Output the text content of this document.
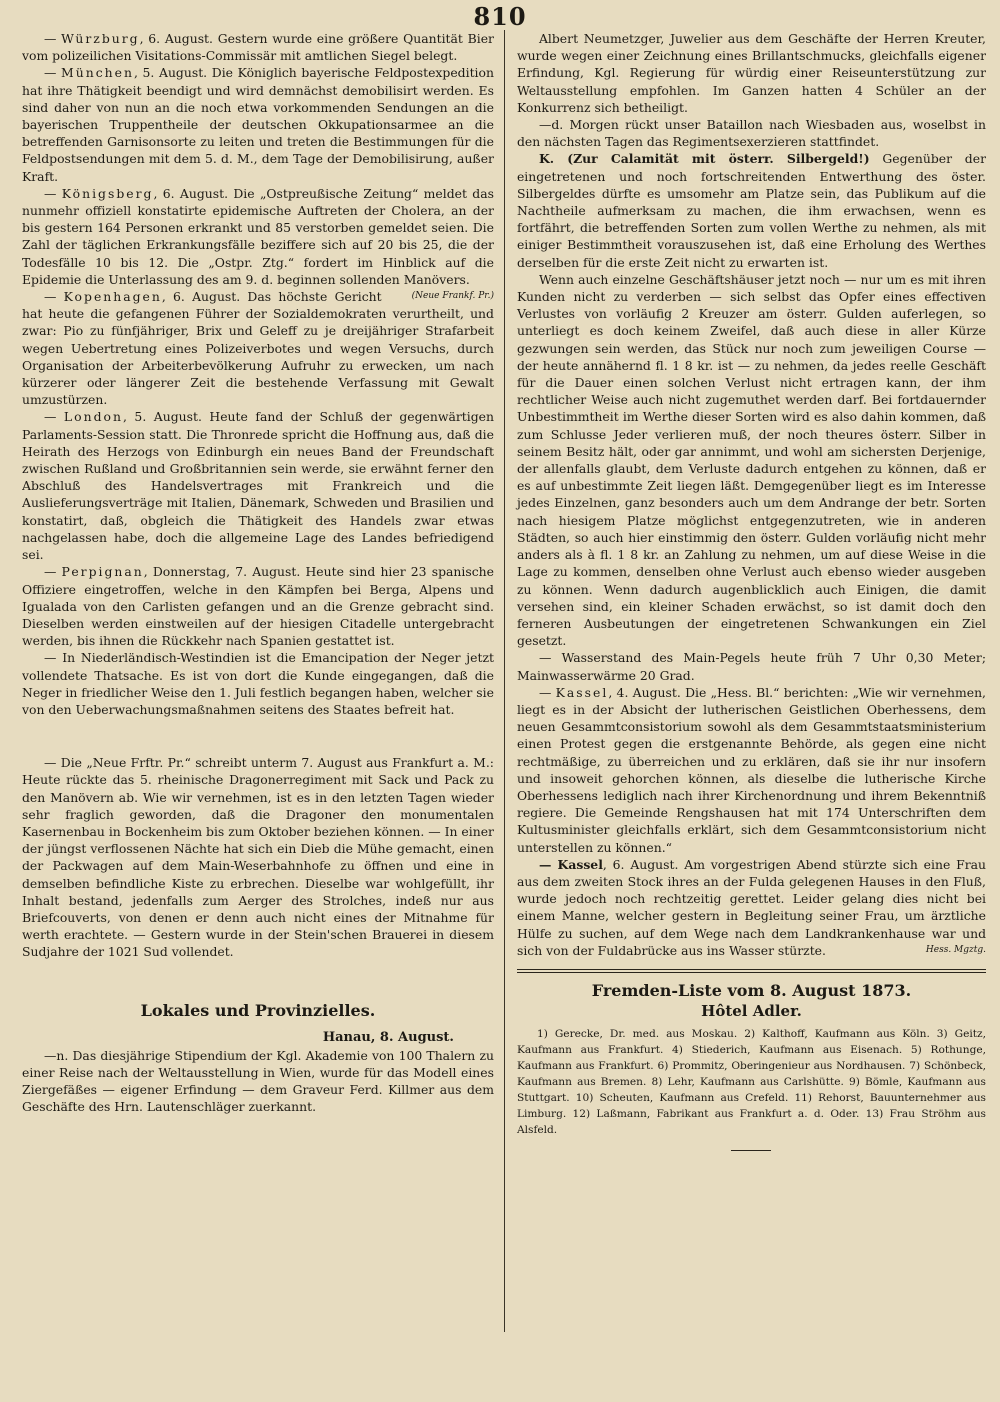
810

— Würzburg, 6. August. Gestern wurde eine größere Quantität Bier vom polizeilichen Visitations-Commissär mit amtlichen Siegel belegt.

— München, 5. August. Die Königlich bayerische Feldpostexpedition hat ihre Thätigkeit beendigt und wird demnächst demobilisirt werden. Es sind daher von nun an die noch etwa vorkommenden Sendungen an die bayerischen Truppentheile der deutschen Okkupationsarmee an die betreffenden Garnisonsorte zu leiten und treten die Bestimmungen für die Feldpostsendungen mit dem 5. d. M., dem Tage der Demobilisirung, außer Kraft.

— Königsberg, 6. August. Die „Ostpreußische Zeitung“ meldet das nunmehr offiziell konstatirte epidemische Auftreten der Cholera, an der bis gestern 164 Personen erkrankt und 85 verstorben gemeldet seien. Die Zahl der täglichen Erkrankungsfälle beziffere sich auf 20 bis 25, die der Todesfälle 10 bis 12. Die „Ostpr. Ztg.“ fordert im Hinblick auf die Epidemie die Unterlassung des am 9. d. beginnen sollenden Manövers.
(Neue Frankf. Pr.)

— Kopenhagen, 6. August. Das höchste Gericht hat heute die gefangenen Führer der Sozialdemokraten verurtheilt, und zwar: Pio zu fünfjähriger, Brix und Geleff zu je dreijähriger Strafarbeit wegen Uebertretung eines Polizeiverbotes und wegen Versuchs, durch Organisation der Arbeiterbevölkerung Aufruhr zu erwecken, um nach kürzerer oder längerer Zeit die bestehende Verfassung mit Gewalt umzustürzen.

— London, 5. August. Heute fand der Schluß der gegenwärtigen Parlaments-Session statt. Die Thronrede spricht die Hoffnung aus, daß die Heirath des Herzogs von Edinburgh ein neues Band der Freundschaft zwischen Rußland und Großbritannien sein werde, sie erwähnt ferner den Abschluß des Handelsvertrages mit Frankreich und die Auslieferungsverträge mit Italien, Dänemark, Schweden und Brasilien und konstatirt, daß, obgleich die Thätigkeit des Handels zwar etwas nachgelassen habe, doch die allgemeine Lage des Landes befriedigend sei.

— Perpignan, Donnerstag, 7. August. Heute sind hier 23 spanische Offiziere eingetroffen, welche in den Kämpfen bei Berga, Alpens und Igualada von den Carlisten gefangen und an die Grenze gebracht sind. Dieselben werden einstweilen auf der hiesigen Citadelle untergebracht werden, bis ihnen die Rückkehr nach Spanien gestattet ist.

— In Niederländisch-Westindien ist die Emancipation der Neger jetzt vollendete Thatsache. Es ist von dort die Kunde eingegangen, daß die Neger in friedlicher Weise den 1. Juli festlich begangen haben, welcher sie von den Ueberwachungsmaßnahmen seitens des Staates befreit hat.

— Die „Neue Frftr. Pr.“ schreibt unterm 7. August aus Frankfurt a. M.: Heute rückte das 5. rheinische Dragonerregiment mit Sack und Pack zu den Manövern ab. Wie wir vernehmen, ist es in den letzten Tagen wieder sehr fraglich geworden, daß die Dragoner den monumentalen Kasernenbau in Bockenheim bis zum Oktober beziehen können. — In einer der jüngst verflossenen Nächte hat sich ein Dieb die Mühe gemacht, einen der Packwagen auf dem Main-Weserbahnhofe zu öffnen und eine in demselben befindliche Kiste zu erbrechen. Dieselbe war wohlgefüllt, ihr Inhalt bestand, jedenfalls zum Aerger des Strolches, indeß nur aus Briefcouverts, von denen er denn auch nicht eines der Mitnahme für werth erachtete. — Gestern wurde in der Stein'schen Brauerei in diesem Sudjahre der 1021 Sud vollendet.

Lokales und Provinzielles.
Hanau, 8. August.

—n. Das diesjährige Stipendium der Kgl. Akademie von 100 Thalern zu einer Reise nach der Weltausstellung in Wien, wurde für das Modell eines Ziergefäßes — eigener Erfindung — dem Graveur Ferd. Killmer aus dem Geschäfte des Hrn. Lautenschläger zuerkannt.

Albert Neumetzger, Juwelier aus dem Geschäfte der Herren Kreuter, wurde wegen einer Zeichnung eines Brillantschmucks, gleichfalls eigener Erfindung, Kgl. Regierung für würdig einer Reiseunterstützung zur Weltausstellung empfohlen. Im Ganzen hatten 4 Schüler an der Konkurrenz sich betheiligt.

—d. Morgen rückt unser Bataillon nach Wiesbaden aus, woselbst in den nächsten Tagen das Regimentsexerzieren stattfindet.

K. (Zur Calamität mit österr. Silbergeld!) Gegenüber der eingetretenen und noch fortschreitenden Entwerthung des öster. Silbergeldes dürfte es umsomehr am Platze sein, das Publikum auf die Nachtheile aufmerksam zu machen, die ihm erwachsen, wenn es fortfährt, die betreffenden Sorten zum vollen Werthe zu nehmen, als mit einiger Bestimmtheit vorauszusehen ist, daß eine Erholung des Werthes derselben für die erste Zeit nicht zu erwarten ist.

Wenn auch einzelne Geschäftshäuser jetzt noch — nur um es mit ihren Kunden nicht zu verderben — sich selbst das Opfer eines effectiven Verlustes von vorläufig 2 Kreuzer am österr. Gulden auferlegen, so unterliegt es doch keinem Zweifel, daß auch diese in aller Kürze gezwungen sein werden, das Stück nur noch zum jeweiligen Course — der heute annähernd fl. 1 8 kr. ist — zu nehmen, da jedes reelle Geschäft für die Dauer einen solchen Verlust nicht ertragen kann, der ihm rechtlicher Weise auch nicht zugemuthet werden darf. Bei fortdauernder Unbestimmtheit im Werthe dieser Sorten wird es also dahin kommen, daß zum Schlusse Jeder verlieren muß, der noch theures österr. Silber in seinem Besitz hält, oder gar annimmt, und wohl am sichersten Derjenige, der allenfalls glaubt, dem Verluste dadurch entgehen zu können, daß er es auf unbestimmte Zeit liegen läßt. Demgegenüber liegt es im Interesse jedes Einzelnen, ganz besonders auch um dem Andrange der betr. Sorten nach hiesigem Platze möglichst entgegenzutreten, wie in anderen Städten, so auch hier einstimmig den österr. Gulden vorläufig nicht mehr anders als à fl. 1 8 kr. an Zahlung zu nehmen, um auf diese Weise in die Lage zu kommen, denselben ohne Verlust auch ebenso wieder ausgeben zu können. Wenn dadurch augenblicklich auch Einigen, die damit versehen sind, ein kleiner Schaden erwächst, so ist damit doch den ferneren Ausbeutungen der eingetretenen Schwankungen ein Ziel gesetzt.

— Wasserstand des Main-Pegels heute früh 7 Uhr 0,30 Meter; Mainwasserwärme 20 Grad.

— Kassel, 4. August. Die „Hess. Bl.“ berichten: „Wie wir vernehmen, liegt es in der Absicht der lutherischen Geistlichen Oberhessens, dem neuen Gesammtconsistorium sowohl als dem Gesammtstaatsministerium einen Protest gegen die erstgenannte Behörde, als gegen eine nicht rechtmäßige, zu überreichen und zu erklären, daß sie ihr nur insofern und insoweit gehorchen können, als dieselbe die lutherische Kirche Oberhessens lediglich nach ihrer Kirchenordnung und ihrem Bekenntniß regiere. Die Gemeinde Rengshausen hat mit 174 Unterschriften dem Kultusminister gleichfalls erklärt, sich dem Gesammtconsistorium nicht unterstellen zu können.“

— Kassel, 6. August. Am vorgestrigen Abend stürzte sich eine Frau aus dem zweiten Stock ihres an der Fulda gelegenen Hauses in den Fluß, wurde jedoch noch rechtzeitig gerettet. Leider gelang dies nicht bei einem Manne, welcher gestern in Begleitung seiner Frau, um ärztliche Hülfe zu suchen, auf dem Wege nach dem Landkrankenhause war und sich von der Fuldabrücke aus ins Wasser stürzte.	Hess. Mgztg.

Fremden-Liste vom 8. August 1873.
Hôtel Adler.

1) Gerecke, Dr. med. aus Moskau. 2) Kalthoff, Kaufmann aus Köln. 3) Geitz, Kaufmann aus Frankfurt. 4) Stiederich, Kaufmann aus Eisenach. 5) Rothunge, Kaufmann aus Frankfurt. 6) Prommitz, Oberingenieur aus Nordhausen. 7) Schönbeck, Kaufmann aus Bremen. 8) Lehr, Kaufmann aus Carlshütte. 9) Bömle, Kaufmann aus Stuttgart. 10) Scheuten, Kaufmann aus Crefeld. 11) Rehorst, Bauunternehmer aus Limburg. 12) Laßmann, Fabrikant aus Frankfurt a. d. Oder. 13) Frau Ströhm aus Alsfeld.
